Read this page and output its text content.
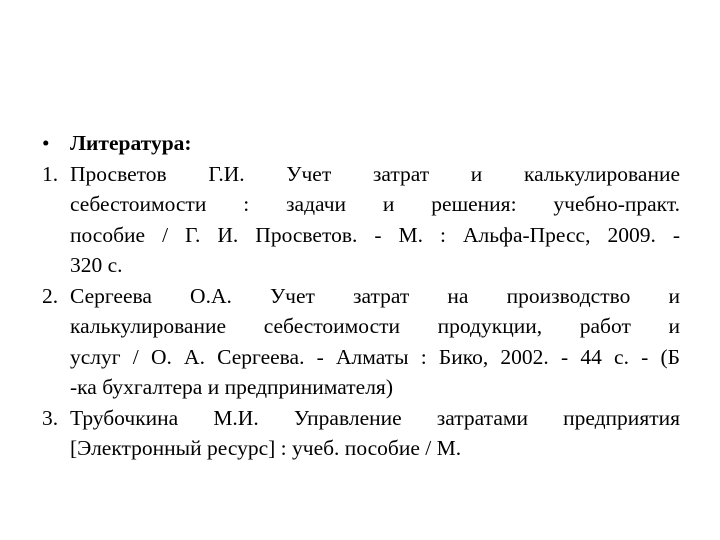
• Литература:
1. Просветов Г.И. Учет затрат и калькулирование
себестоимости : задачи и решения: учебно-практ.
пособие / Г. И. Просветов. - М. : Альфа-Пресс, 2009. -
320 с.
2. Сергеева О.А. Учет затрат на производство и
калькулирование себестоимости продукции, работ и
услуг / О. А. Сергеева. - Алматы : Бико, 2002. - 44 с. - (Б
-ка бухгалтера и предпринимателя)
3. Трубочкина М.И. Управление затратами предприятия
[Электронный ресурс] : учеб. пособие / М.
